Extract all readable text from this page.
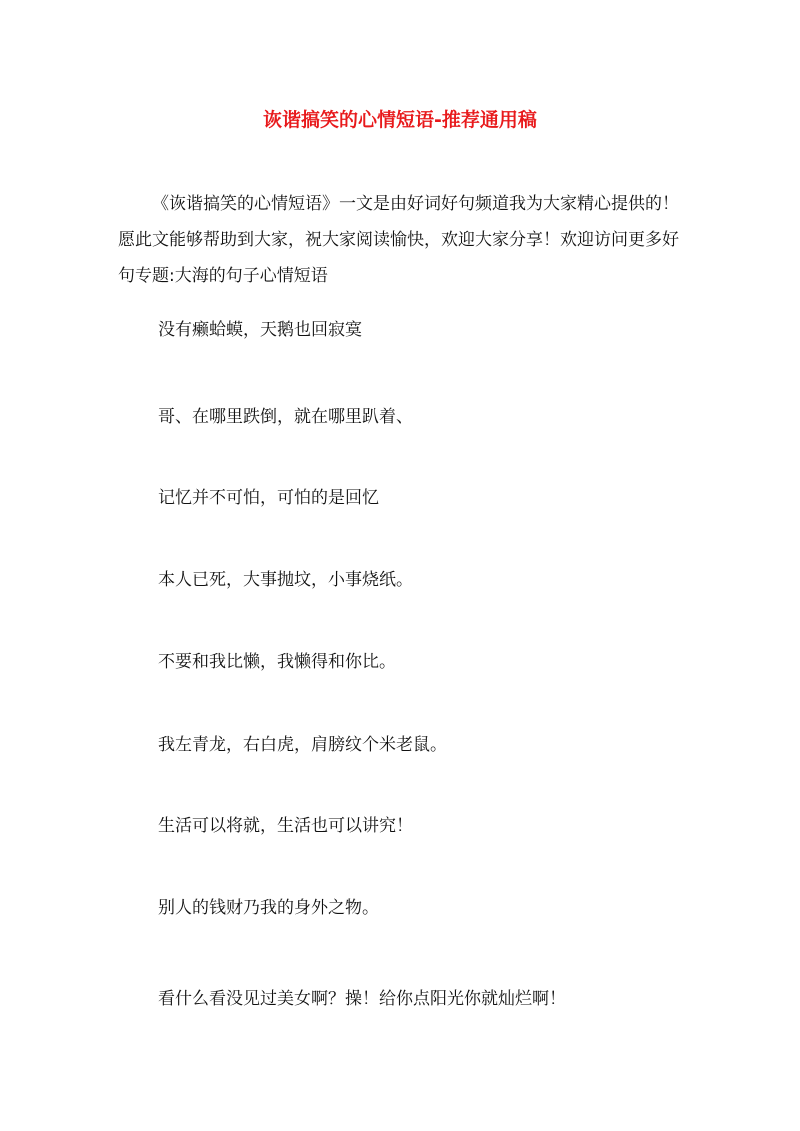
诙谐搞笑的心情短语-推荐通用稿

《诙谐搞笑的心情短语》一文是由好词好句频道我为大家精心提供的！愿此文能够帮助到大家，祝大家阅读愉快，欢迎大家分享！欢迎访问更多好句专题:大海的句子心情短语

没有癞蛤蟆，天鹅也回寂寞

哥、在哪里跌倒，就在哪里趴着、

记忆并不可怕，可怕的是回忆

本人已死，大事抛坟，小事烧纸。

不要和我比懒，我懒得和你比。

我左青龙，右白虎，肩膀纹个米老鼠。

生活可以将就，生活也可以讲究！

别人的钱财乃我的身外之物。

看什么看没见过美女啊？操！给你点阳光你就灿烂啊！
